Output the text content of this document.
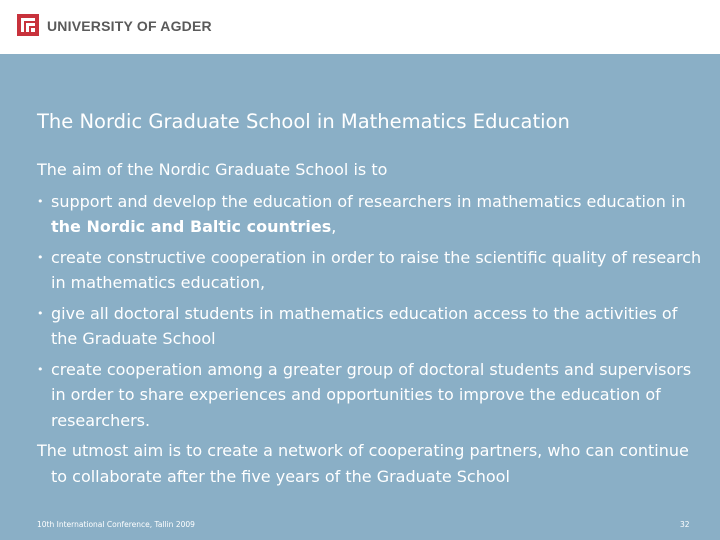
UNIVERSITY OF AGDER
The Nordic Graduate School in Mathematics Education

The aim of the Nordic Graduate School is to

• support and develop the education of researchers in mathematics education in the Nordic and Baltic countries,
• create constructive cooperation in order to raise the scientific quality of research in mathematics education,
• give all doctoral students in mathematics education access to the activities of the Graduate School
• create cooperation among a greater group of doctoral students and supervisors in order to share experiences and opportunities to improve the education of researchers.

The utmost aim is to create a network of cooperating partners, who can continue to collaborate after the five years of the Graduate School

10th International Conference, Tallin 2009	32
